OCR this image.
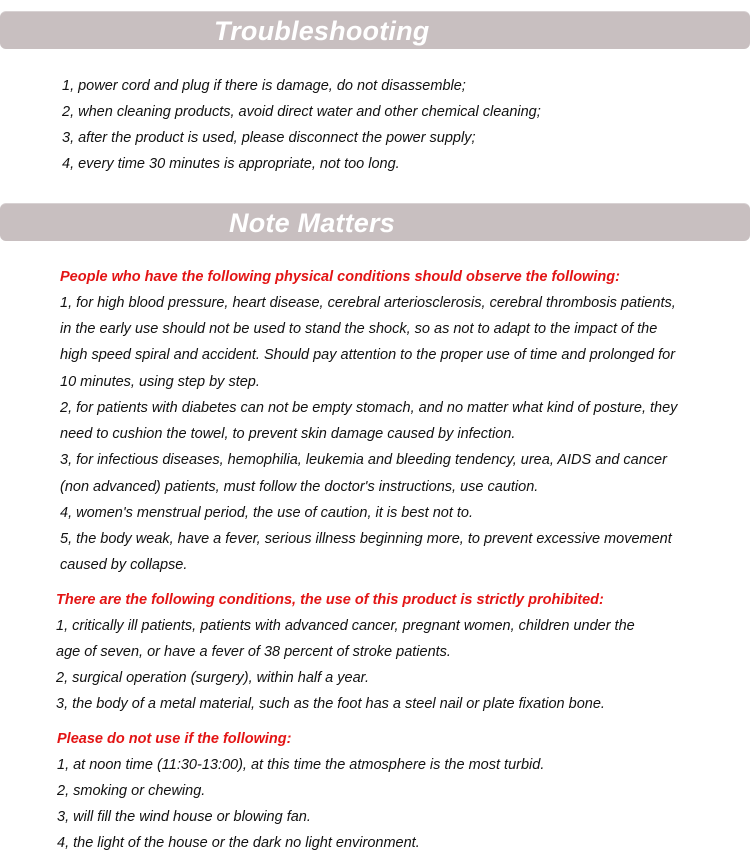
Troubleshooting
1, power cord and plug if there is damage, do not disassemble;
2, when cleaning products, avoid direct water and other chemical cleaning;
3, after the product is used, please disconnect the power supply;
4, every time 30 minutes is appropriate, not too long.
Note Matters
People who have the following physical conditions should observe the following:
1, for high blood pressure, heart disease, cerebral arteriosclerosis, cerebral thrombosis patients,
in the early use should not be used to stand the shock, so as not to adapt to the impact of the
high speed spiral and accident. Should pay attention to the proper use of time and prolonged for
10 minutes, using step by step.
2, for patients with diabetes can not be empty stomach, and no matter what kind of posture, they
need to cushion the towel, to prevent skin damage caused by infection.
3, for infectious diseases, hemophilia, leukemia and bleeding tendency, urea, AIDS and cancer
(non advanced) patients, must follow the doctor's instructions, use caution.
4, women's menstrual period, the use of caution, it is best not to.
5, the body weak, have a fever, serious illness beginning more, to prevent excessive movement
caused by collapse.
There are the following conditions, the use of this product is strictly prohibited:
1, critically ill patients, patients with advanced cancer, pregnant women, children under the
age of seven, or have a fever of 38 percent of stroke patients.
2, surgical operation (surgery), within half a year.
3, the body of a metal material, such as the foot has a steel nail or plate fixation bone.
Please do not use if the following:
1, at noon time (11:30-13:00), at this time the atmosphere is the most turbid.
2, smoking or chewing.
3, will fill the wind house or blowing fan.
4, the light of the house or the dark no light environment.
